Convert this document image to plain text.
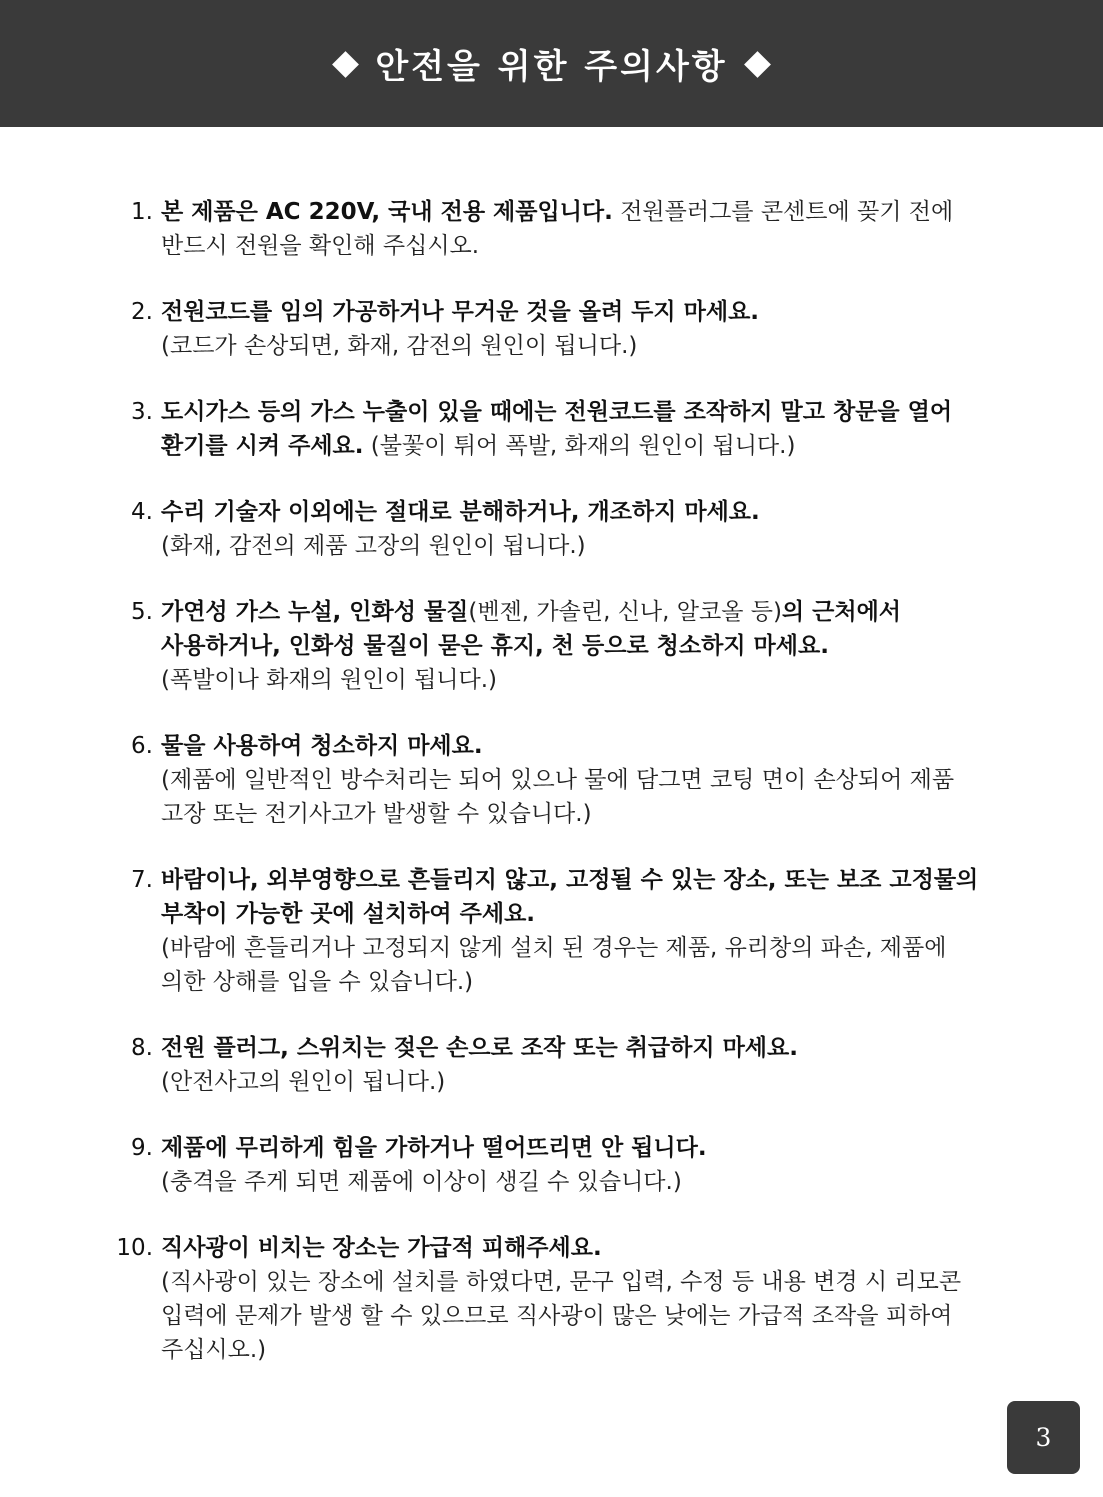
안전을 위한 주의사항
1. 본 제품은 AC 220V, 국내 전용 제품입니다. 전원플러그를 콘센트에 꽂기 전에 반드시 전원을 확인해 주십시오.
2. 전원코드를 임의 가공하거나 무거운 것을 올려 두지 마세요.
(코드가 손상되면, 화재, 감전의 원인이 됩니다.)
3. 도시가스 등의 가스 누출이 있을 때에는 전원코드를 조작하지 말고 창문을 열어 환기를 시켜 주세요. (불꽃이 튀어 폭발, 화재의 원인이 됩니다.)
4. 수리 기술자 이외에는 절대로 분해하거나, 개조하지 마세요.
(화재, 감전의 제품 고장의 원인이 됩니다.)
5. 가연성 가스 누설, 인화성 물질(벤젠, 가솔린, 신나, 알코올 등)의 근처에서 사용하거나, 인화성 물질이 묻은 휴지, 천 등으로 청소하지 마세요.
(폭발이나 화재의 원인이 됩니다.)
6. 물을 사용하여 청소하지 마세요.
(제품에 일반적인 방수처리는 되어 있으나 물에 담그면 코팅 면이 손상되어 제품 고장 또는 전기사고가 발생할 수 있습니다.)
7. 바람이나, 외부영향으로 흔들리지 않고, 고정될 수 있는 장소, 또는 보조 고정물의 부착이 가능한 곳에 설치하여 주세요.
(바람에 흔들리거나 고정되지 않게 설치 된 경우는 제품, 유리창의 파손, 제품에 의한 상해를 입을 수 있습니다.)
8. 전원 플러그, 스위치는 젖은 손으로 조작 또는 취급하지 마세요.
(안전사고의 원인이 됩니다.)
9. 제품에 무리하게 힘을 가하거나 떨어뜨리면 안 됩니다.
(충격을 주게 되면 제품에 이상이 생길 수 있습니다.)
10. 직사광이 비치는 장소는 가급적 피해주세요.
(직사광이 있는 장소에 설치를 하였다면, 문구 입력, 수정 등 내용 변경 시 리모콘 입력에 문제가 발생 할 수 있으므로 직사광이 많은 낮에는 가급적 조작을 피하여 주십시오.)
3
